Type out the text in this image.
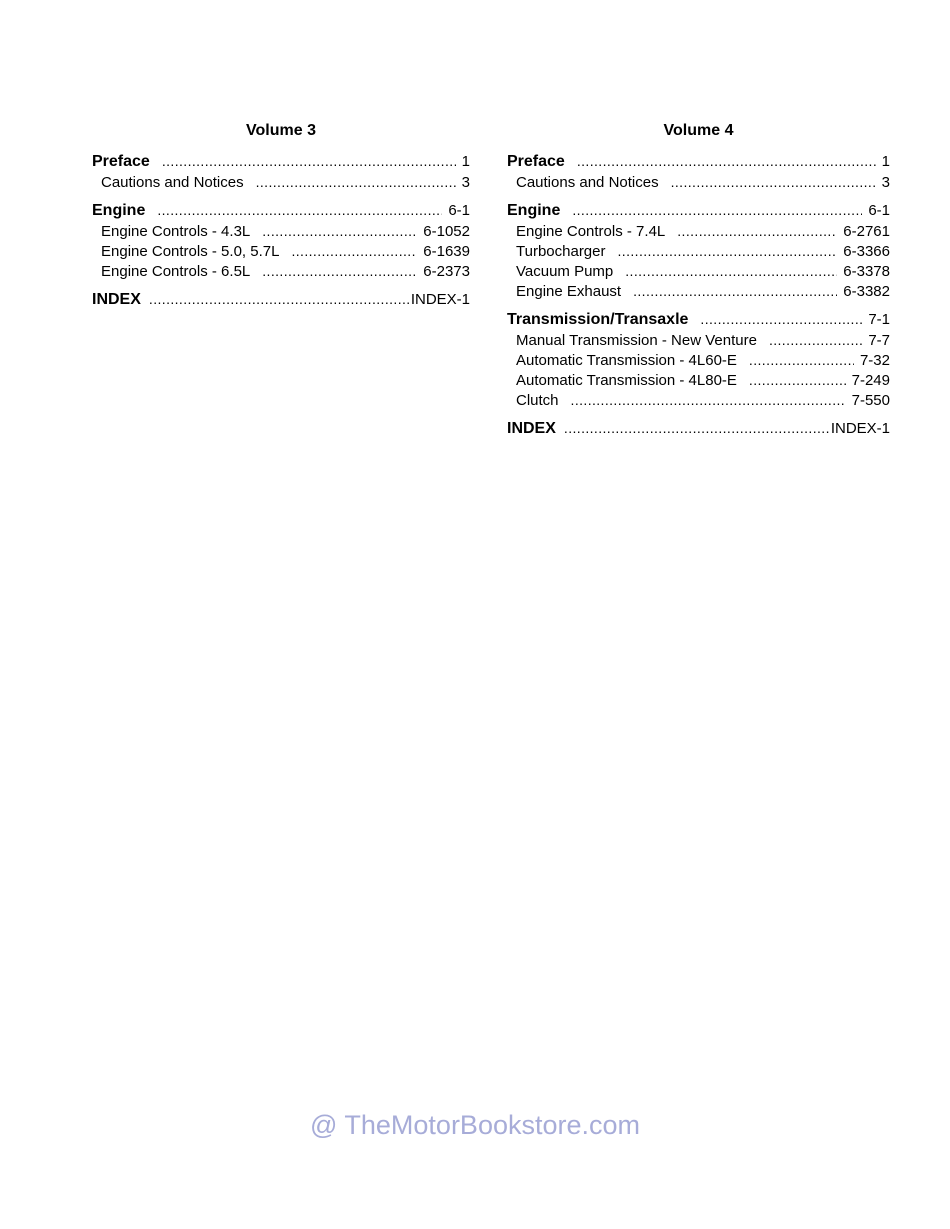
Volume 3
Preface .....	1
Cautions and Notices .....	3
Engine .....	6-1
Engine Controls - 4.3L .....	6-1052
Engine Controls - 5.0, 5.7L .....	6-1639
Engine Controls - 6.5L .....	6-2373
INDEX .....	INDEX-1
Volume 4
Preface .....	1
Cautions and Notices .....	3
Engine .....	6-1
Engine Controls - 7.4L .....	6-2761
Turbocharger .....	6-3366
Vacuum Pump .....	6-3378
Engine Exhaust .....	6-3382
Transmission/Transaxle .....	7-1
Manual Transmission - New Venture .....	7-7
Automatic Transmission - 4L60-E .....	7-32
Automatic Transmission - 4L80-E .....	7-249
Clutch .....	7-550
INDEX .....	INDEX-1
@ TheMotorBookstore.com
